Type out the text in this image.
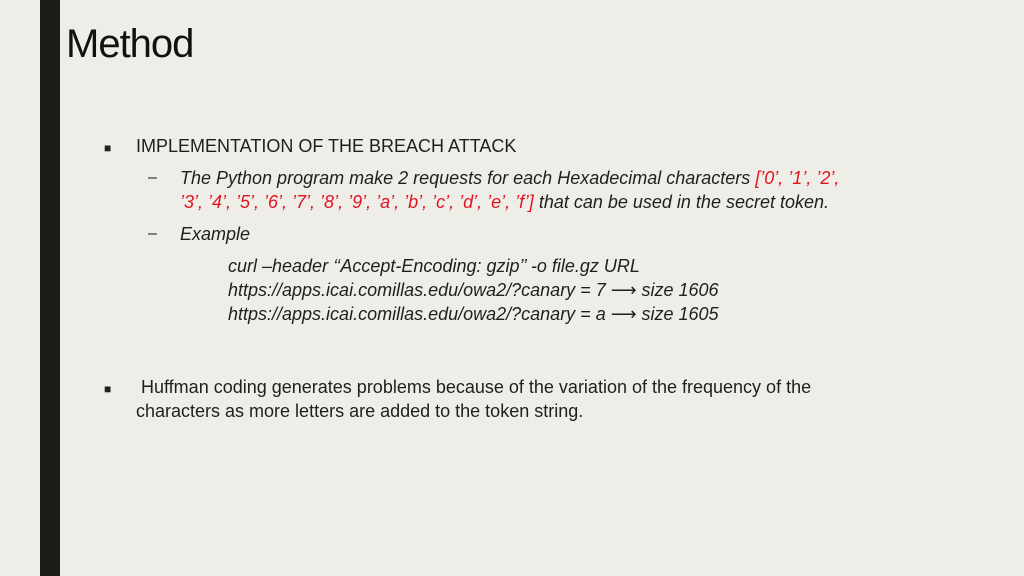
Method
■ IMPLEMENTATION OF THE BREACH ATTACK
– The Python program make 2 requests for each Hexadecimal characters [’0’, ’1’, ’2’,
’3’, ’4’, ’5’, ’6’, ’7’, ’8’, ’9’, ’a’, ’b’, ’c’, ’d’, ’e’, ’f’] that can be used in the secret token.
– Example
curl –header ‘‘Accept-Encoding: gzip’’ -o file.gz URL
https://apps.icai.comillas.edu/owa2/?canary = 7 ⟶ size 1606
https://apps.icai.comillas.edu/owa2/?canary = a ⟶ size 1605
■ Huffman coding generates problems because of the variation of the frequency of the
characters as more letters are added to the token string.
